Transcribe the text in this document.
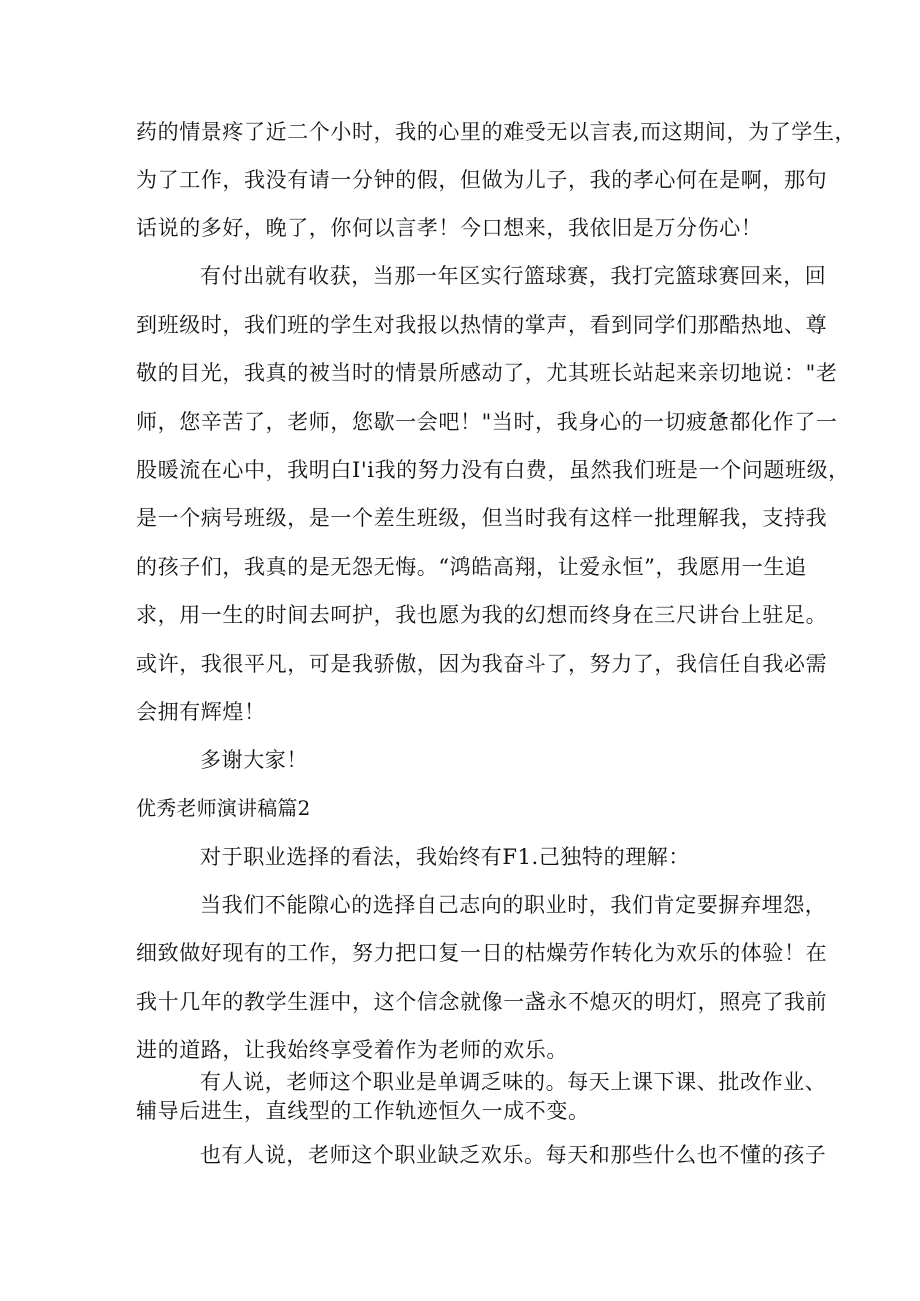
药的情景疼了近二个小时，我的心里的难受无以言表,而这期间，为了学生，

为了工作，我没有请一分钟的假，但做为儿子，我的孝心何在是啊，那句

话说的多好，晚了，你何以言孝！今口想来，我依旧是万分伤心！

有付出就有收获，当那一年区实行篮球赛，我打完篮球赛回来，回

到班级时，我们班的学生对我报以热情的掌声，看到同学们那酷热地、尊

敬的目光，我真的被当时的情景所感动了，尤其班长站起来亲切地说："老

师，您辛苦了，老师，您歇一会吧！"当时，我身心的一切疲惫都化作了一

股暖流在心中，我明白I'i我的努力没有白费，虽然我们班是一个问题班级，

是一个病号班级，是一个差生班级，但当时我有这样一批理解我，支持我

的孩子们，我真的是无怨无悔。“鸿皓高翔，让爱永恒”，我愿用一生追

求，用一生的时间去呵护，我也愿为我的幻想而终身在三尺讲台上驻足。

或许，我很平凡，可是我骄傲，因为我奋斗了，努力了，我信任自我必需

会拥有辉煌！

多谢大家！

优秀老师演讲稿篇2

对于职业选择的看法，我始终有F1.己独特的理解：

当我们不能隙心的选择自己志向的职业时，我们肯定要摒弃埋怨，

细致做好现有的工作，努力把口复一日的枯燥劳作转化为欢乐的体验！在

我十几年的教学生涯中，这个信念就像一盏永不熄灭的明灯，照亮了我前

进的道路，让我始终享受着作为老师的欢乐。

有人说，老师这个职业是单调乏味的。每天上课下课、批改作业、

辅导后进生，直线型的工作轨迹恒久一成不变。

也有人说，老师这个职业缺乏欢乐。每天和那些什么也不懂的孩子
